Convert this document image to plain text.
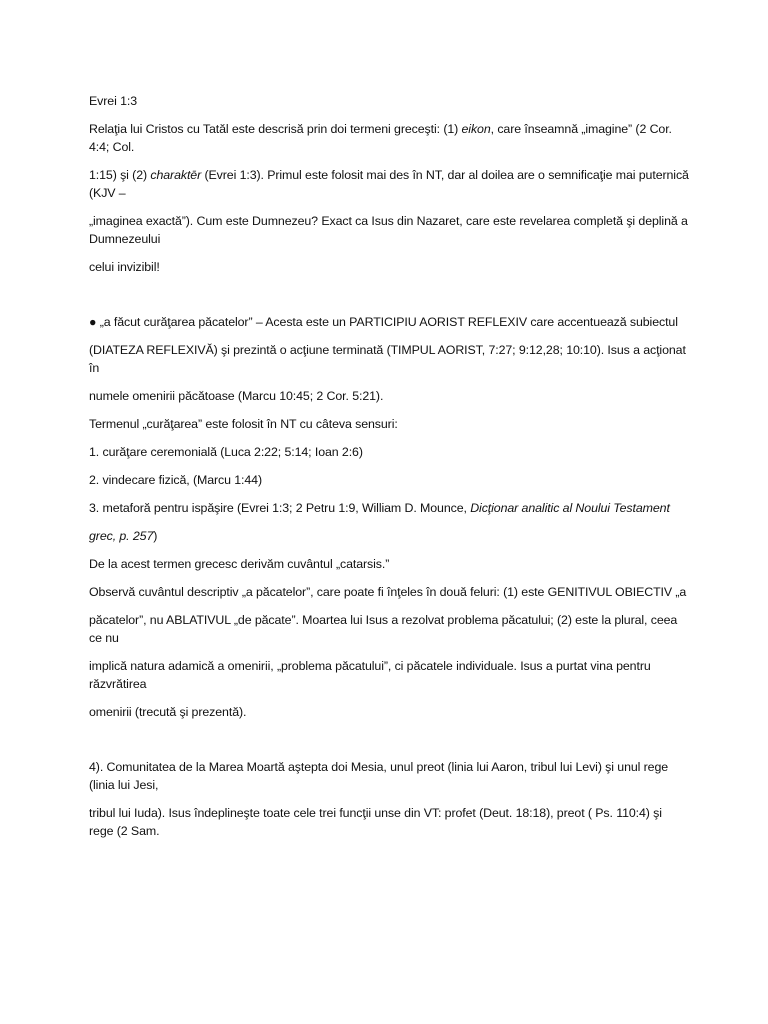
Evrei 1:3

Relaţia lui Cristos cu Tatăl este descrisă prin doi termeni greceşti: (1) eikon, care înseamnă „imagine” (2 Cor. 4:4; Col.

1:15) şi (2) charaktēr (Evrei 1:3). Primul este folosit mai des în NT, dar al doilea are o semnificaţie mai puternică (KJV –

„imaginea exactă”). Cum este Dumnezeu? Exact ca Isus din Nazaret, care este revelarea completă şi deplină a Dumnezeului

celui invizibil!

● „a făcut curăţarea păcatelor” – Acesta este un PARTICIPIU AORIST REFLEXIV care accentuează subiectul

(DIATEZA REFLEXIVĂ) şi prezintă o acţiune terminată (TIMPUL AORIST, 7:27; 9:12,28; 10:10). Isus a acţionat în

numele omenirii păcătoase (Marcu 10:45; 2 Cor. 5:21).

Termenul „curăţarea” este folosit în NT cu câteva sensuri:

1. curăţare ceremonială (Luca 2:22; 5:14; Ioan 2:6)

2. vindecare fizică, (Marcu 1:44)

3. metaforă pentru ispăşire (Evrei 1:3; 2 Petru 1:9, William D. Mounce, Dicţionar analitic al Noului Testament

grec, p. 257)

De la acest termen grecesc derivăm cuvântul „catarsis.”

Observă cuvântul descriptiv „a păcatelor”, care poate fi înţeles în două feluri: (1) este GENITIVUL OBIECTIV „a

păcatelor”, nu ABLATIVUL „de păcate”. Moartea lui Isus a rezolvat problema păcatului; (2) este la plural, ceea ce nu

implică natura adamică a omenirii, „problema păcatului”, ci păcatele individuale. Isus a purtat vina pentru răzvrătirea

omenirii (trecută şi prezentă).

4). Comunitatea de la Marea Moartă aştepta doi Mesia, unul preot (linia lui Aaron, tribul lui Levi) şi unul rege (linia lui Jesi,

tribul lui Iuda). Isus îndeplineşte toate cele trei funcţii unse din VT: profet (Deut. 18:18), preot ( Ps. 110:4) şi rege (2 Sam.
